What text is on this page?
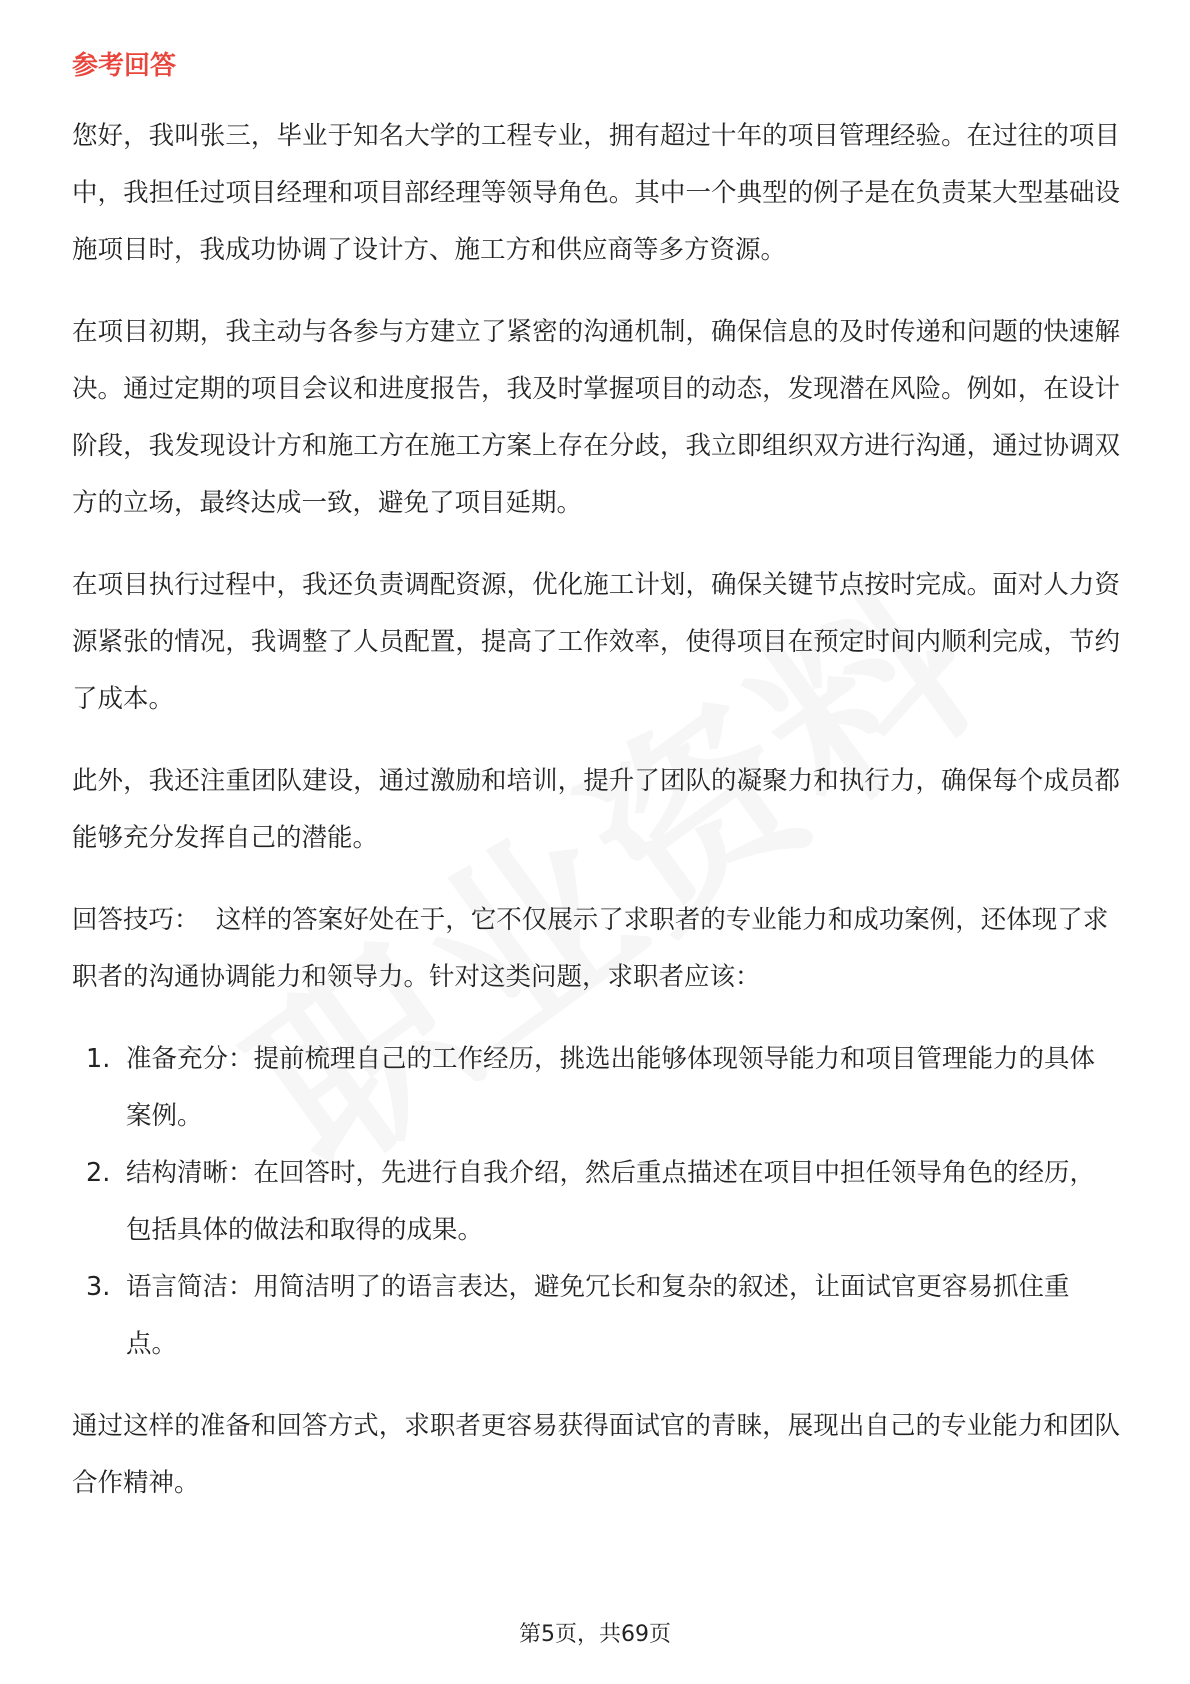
参考回答

您好，我叫张三，毕业于知名大学的工程专业，拥有超过十年的项目管理经验。在过往的项目中，我担任过项目经理和项目部经理等领导角色。其中一个典型的例子是在负责某大型基础设施项目时，我成功协调了设计方、施工方和供应商等多方资源。

在项目初期，我主动与各参与方建立了紧密的沟通机制，确保信息的及时传递和问题的快速解决。通过定期的项目会议和进度报告，我及时掌握项目的动态，发现潜在风险。例如，在设计阶段，我发现设计方和施工方在施工方案上存在分歧，我立即组织双方进行沟通，通过协调双方的立场，最终达成一致，避免了项目延期。

在项目执行过程中，我还负责调配资源，优化施工计划，确保关键节点按时完成。面对人力资源紧张的情况，我调整了人员配置，提高了工作效率，使得项目在预定时间内顺利完成，节约了成本。

此外，我还注重团队建设，通过激励和培训，提升了团队的凝聚力和执行力，确保每个成员都能够充分发挥自己的潜能。

回答技巧： 这样的答案好处在于，它不仅展示了求职者的专业能力和成功案例，还体现了求职者的沟通协调能力和领导力。针对这类问题，求职者应该：

1. 准备充分：提前梳理自己的工作经历，挑选出能够体现领导能力和项目管理能力的具体案例。
2. 结构清晰：在回答时，先进行自我介绍，然后重点描述在项目中担任领导角色的经历，包括具体的做法和取得的成果。
3. 语言简洁：用简洁明了的语言表达，避免冗长和复杂的叙述，让面试官更容易抓住重点。

通过这样的准备和回答方式，求职者更容易获得面试官的青睐，展现出自己的专业能力和团队合作精神。

第5页，共69页
